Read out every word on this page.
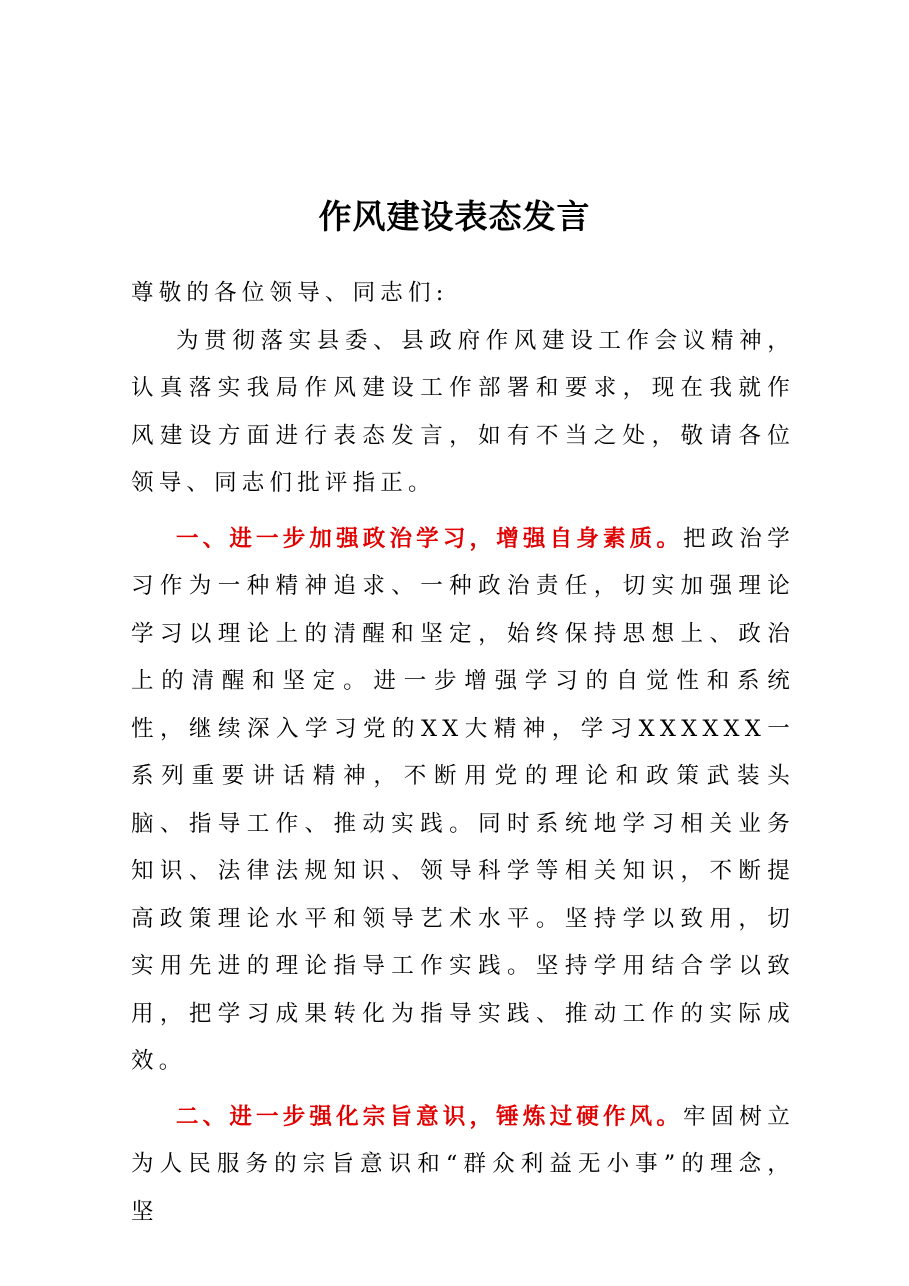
作风建设表态发言

尊敬的各位领导、同志们:

为贯彻落实县委、县政府作风建设工作会议精神，认真落实我局作风建设工作部署和要求，现在我就作风建设方面进行表态发言，如有不当之处，敬请各位领导、同志们批评指正。

一、进一步加强政治学习，增强自身素质。把政治学习作为一种精神追求、一种政治责任，切实加强理论学习以理论上的清醒和坚定，始终保持思想上、政治上的清醒和坚定。进一步增强学习的自觉性和系统性，继续深入学习党的XX大精神，学习XXXXXX一系列重要讲话精神，不断用党的理论和政策武装头脑、指导工作、推动实践。同时系统地学习相关业务知识、法律法规知识、领导科学等相关知识，不断提高政策理论水平和领导艺术水平。坚持学以致用，切实用先进的理论指导工作实践。坚持学用结合学以致用，把学习成果转化为指导实践、推动工作的实际成效。

二、进一步强化宗旨意识，锤炼过硬作风。牢固树立为人民服务的宗旨意识和“群众利益无小事”的理念，坚
